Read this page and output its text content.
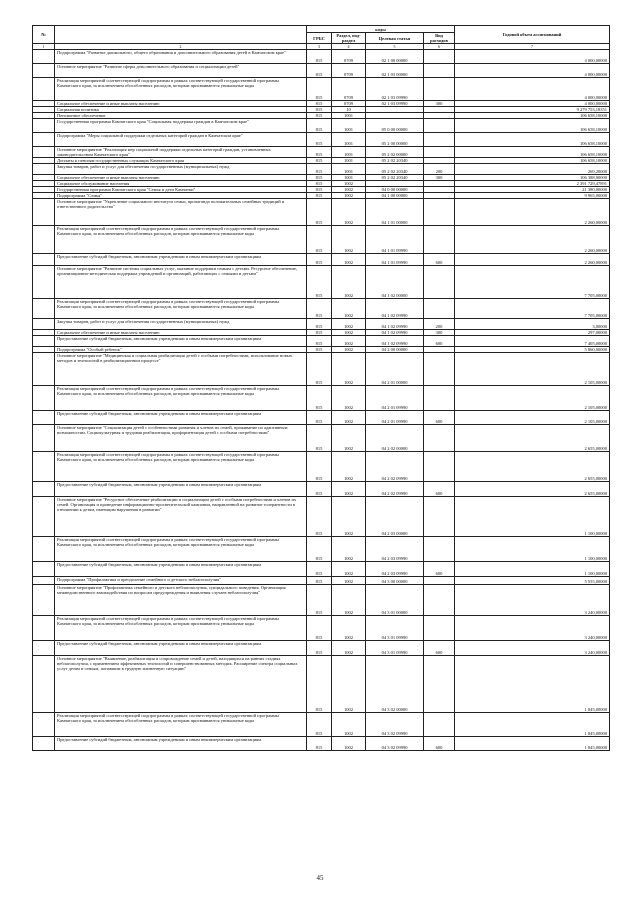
№		коды				Годовой объем ассигнований
		ГРБС	Раздел, под-раздел	Целевая статья	Вид расходов	
1	2	3	4	5	6	7
	Подпрограмма "Развитие дошкольного, общего образования и дополнительного образования детей в Камчатском крае"	815	0709	02 1 00 00000		4 000,00000
	Основное мероприятие "Развитие сферы дополнительного образования и социализации детей"	815	0709	02 1 03 00000		4 000,00000
	Реализация мероприятий соответствующей подпрограммы в рамках соответствующей государственной программы Камчатского края, за исключением обособленных расходов, которым присваиваются уникальные коды	815	0709	02 1 03 09990		4 000,00000
	Социальное обеспечение и иные выплаты населению	815	0709	02 1 03 09990	300	4 000,00000
	Социальная политика	815	10			9 279 753,18351
	Пенсионное обеспечение	815	1001			106 658,10000
	Государственная программа Камчатского края "Социальная поддержка граждан в Камчатском крае"	815	1001	05 0 00 00000		106 658,10000
	Подпрограмма "Меры социальной поддержки отдельных категорий граждан в Камчатском крае"	815	1001	05 2 00 00000		106 658,10000
	Основное мероприятие "Реализация мер социальной поддержки отдельных категорий граждан, установленных законодательством Камчатского края"	815	1001	05 2 02 00000		106 658,10000
	Доплаты к пенсиям государственных служащих Камчатского края	815	1001	05 2 02 20340		106 658,10000
	Закупка товаров, работ и услуг для обеспечения государственных (муниципальных) нужд	815	1001	05 2 02 20340	200	269,20000
	Социальное обеспечение и иные выплаты населению	815	1001	05 2 02 20340	300	106 388,90000
	Социальное обслуживание населения	815	1002			2 391 729,47891
	Государственная программа Камчатского края "Семья и дети Камчатки"	815	1002	04 0 00 00000		21 380,00000
	Подпрограмма "Семья"	815	1002	04 1 00 00000		9 965,00000
	Основное мероприятие "Укрепление социального института семьи, пропаганда положительных семейных традиций и ответственного родительства"	815	1002	04 1 01 00000		2 260,00000
	Реализация мероприятий соответствующей подпрограммы в рамках соответствующей государственной программы Камчатского края, за исключением обособленных расходов, которым присваиваются уникальные коды	815	1002	04 1 01 09990		2 260,00000
	Предоставление субсидий бюджетным, автономным учреждениям и иным некоммерческим организациям	815	1002	04 1 01 09990	600	2 260,00000
	Основное мероприятие "Развитие системы социальных услуг, оказание поддержки семьям с детьми. Ресурсное обеспечение, организационно-методическая поддержка учреждений и организаций, работающих с семьями и детьми"	815	1002	04 1 02 00000		7 705,00000
	Реализация мероприятий соответствующей подпрограммы в рамках соответствующей государственной программы Камчатского края, за исключением обособленных расходов, которым присваиваются уникальные коды	815	1002	04 1 02 09990		7 705,00000
	Закупка товаров, работ и услуг для обеспечения государственных (муниципальных) нужд	815	1002	04 1 02 09990	200	3,00000
	Социальное обеспечение и иные выплаты населению	815	1002	04 1 02 09990	300	297,00000
	Предоставление субсидий бюджетным, автономным учреждениям и иным некоммерческим организациям	815	1002	04 1 02 09990	600	7 405,00000
	Подпрограмма "Особый ребенок"	815	1002	04 2 00 00000		5 860,00000
	Основное мероприятие "Медицинская и социальная реабилитация детей с особыми потребностями, использование новых методов и технологий в реабилитационном процессе"	815	1002	04 2 01 00000		2 105,00000
	Реализация мероприятий соответствующей подпрограммы в рамках соответствующей государственной программы Камчатского края, за исключением обособленных расходов, которым присваиваются уникальные коды	815	1002	04 2 01 09990		2 105,00000
	Предоставление субсидий бюджетным, автономным учреждениям и иным некоммерческим организациям	815	1002	04 2 01 09990	600	2 105,00000
	Основное мероприятие "Социализация детей с особенностями развития и членов их семей, проживание по адаптивным возможностям. Социокультурная и трудовая реабилитация, профориентация детей с особыми потребностями"	815	1002	04 2 02 00000		2 655,00000
	Реализация мероприятий соответствующей подпрограммы в рамках соответствующей государственной программы Камчатского края, за исключением обособленных расходов, которым присваиваются уникальные коды	815	1002	04 2 02 09990		2 655,00000
	Предоставление субсидий бюджетным, автономным учреждениям и иным некоммерческим организациям	815	1002	04 2 02 09990	600	2 655,00000
	Основное мероприятие "Ресурсное обеспечение реабилитации и социализации детей с особыми потребностями и членов их семей. Организация и проведение информационно-просветительской кампании, направленной на развитие толерантности в отношении к детям, имеющим нарушения в развитии"	815	1002	04 2 03 00000		1 100,00000
	Реализация мероприятий соответствующей подпрограммы в рамках соответствующей государственной программы Камчатского края, за исключением обособленных расходов, которым присваиваются уникальные коды	815	1002	04 2 03 09990		1 100,00000
	Предоставление субсидий бюджетным, автономным учреждениям и иным некоммерческим организациям	815	1002	04 2 03 09990	600	1 100,00000
	Подпрограмма "Профилактика и преодоление семейного и детского неблагополучия"	815	1002	04 3 00 00000		5 555,00000
	Основное мероприятие "Профилактика семейного и детского неблагополучия, суицидального поведения. Организация межведомственного взаимодействия по вопросам предупреждения и выявления случаев неблагополучия"	815	1002	04 3 01 00000		3 240,00000
	Реализация мероприятий соответствующей подпрограммы в рамках соответствующей государственной программы Камчатского края, за исключением обособленных расходов, которым присваиваются уникальные коды	815	1002	04 3 01 09990		3 240,00000
	Предоставление субсидий бюджетным, автономным учреждениям и иным некоммерческим организациям	815	1002	04 3 01 09990	600	3 240,00000
	Основное мероприятие "Выявление, реабилитация и сопровождение семей и детей, находящихся на ранних стадиях неблагополучия, с применением эффективных технологий и совершенствованных методик. Расширение спектра социальных услуг детям и семьям, попавшим в трудную жизненную ситуацию"	815	1002	04 3 02 00000		1 845,00000
	Реализация мероприятий соответствующей подпрограммы в рамках соответствующей государственной программы Камчатского края, за исключением обособленных расходов, которым присваиваются уникальные коды	815	1002	04 3 02 09990		1 845,00000
	Предоставление субсидий бюджетным, автономным учреждениям и иным некоммерческим организациям	815	1002	04 3 02 09990	600	1 845,00000
45
